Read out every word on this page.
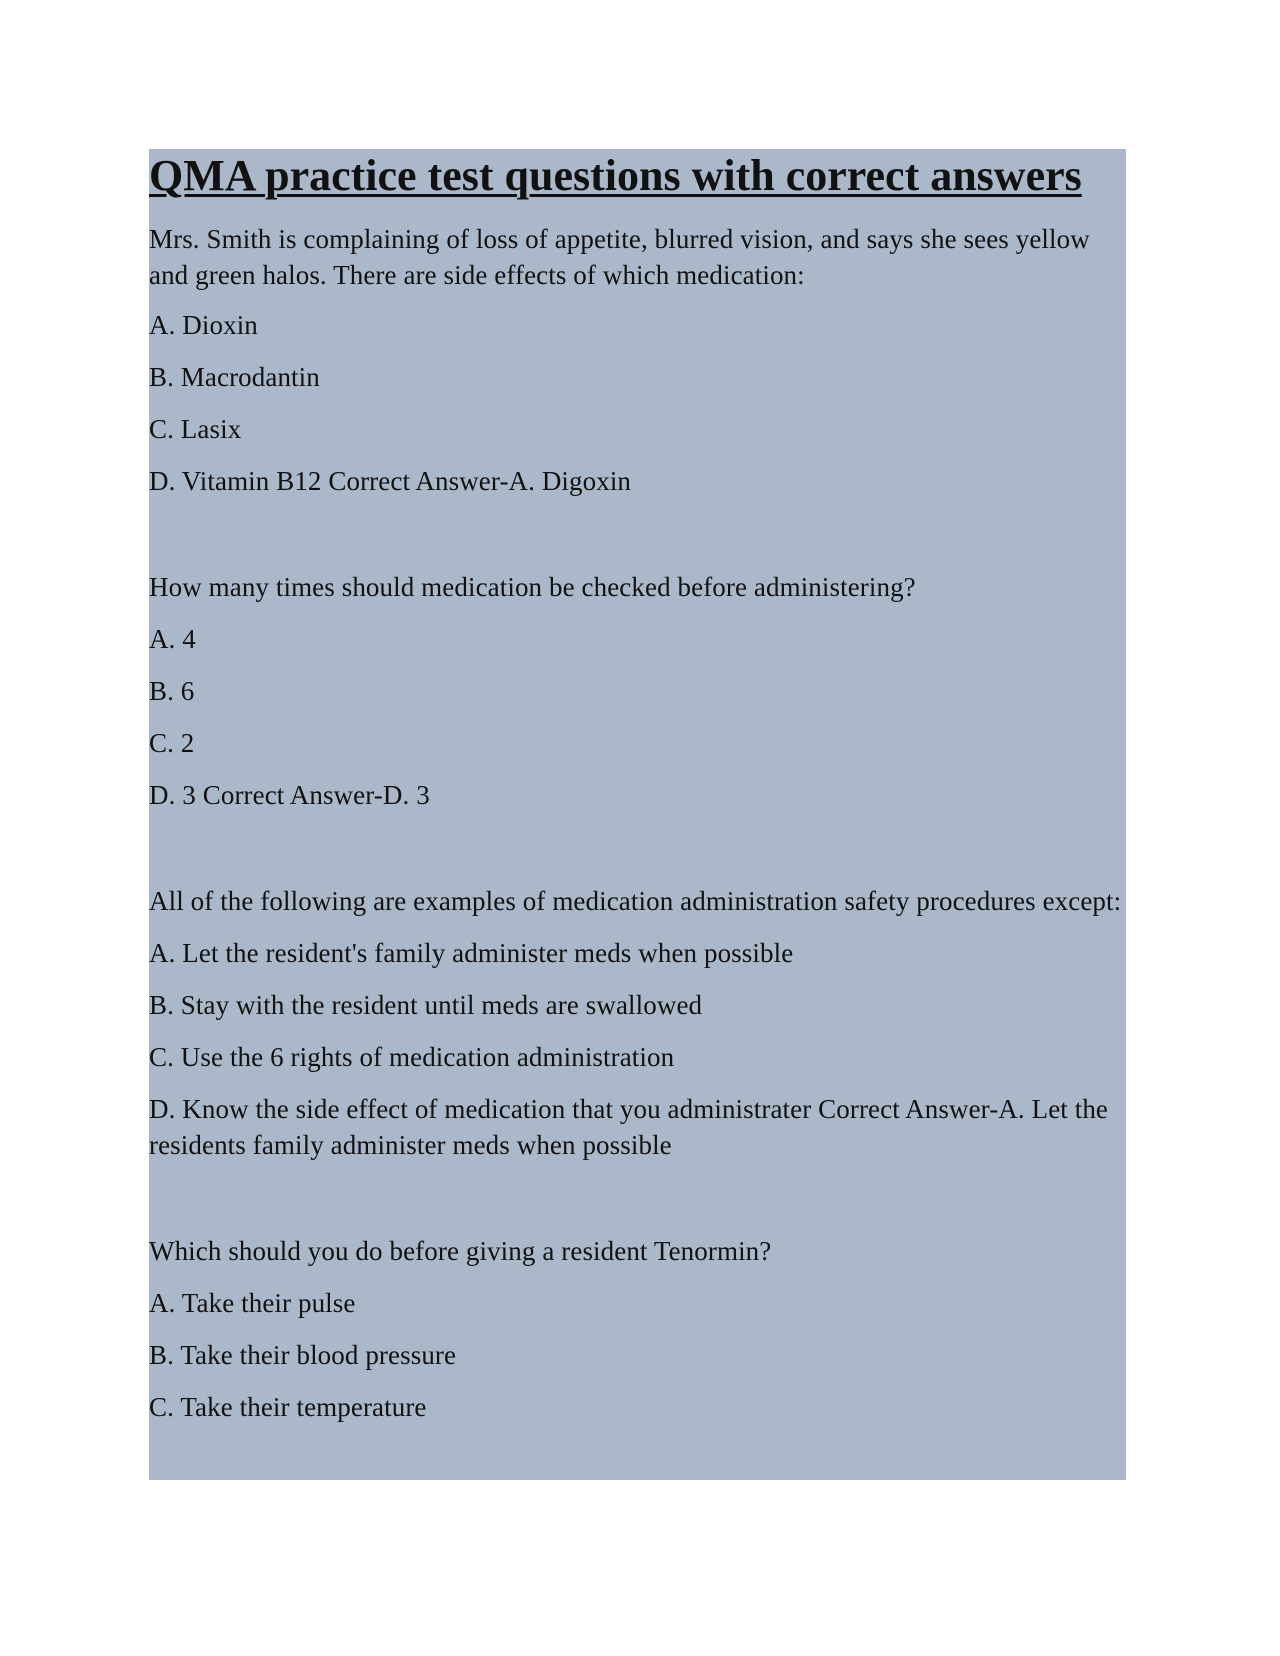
QMA practice test questions with correct answers

Mrs. Smith is complaining of loss of appetite, blurred vision, and says she sees yellow and green halos. There are side effects of which medication:

A. Dioxin

B. Macrodantin

C. Lasix

D. Vitamin B12 Correct Answer-A. Digoxin

How many times should medication be checked before administering?

A. 4

B. 6

C. 2

D. 3 Correct Answer-D. 3

All of the following are examples of medication administration safety procedures except:

A. Let the resident's family administer meds when possible

B. Stay with the resident until meds are swallowed

C. Use the 6 rights of medication administration

D. Know the side effect of medication that you administrater Correct Answer-A. Let the residents family administer meds when possible

Which should you do before giving a resident Tenormin?

A. Take their pulse

B. Take their blood pressure

C. Take their temperature
